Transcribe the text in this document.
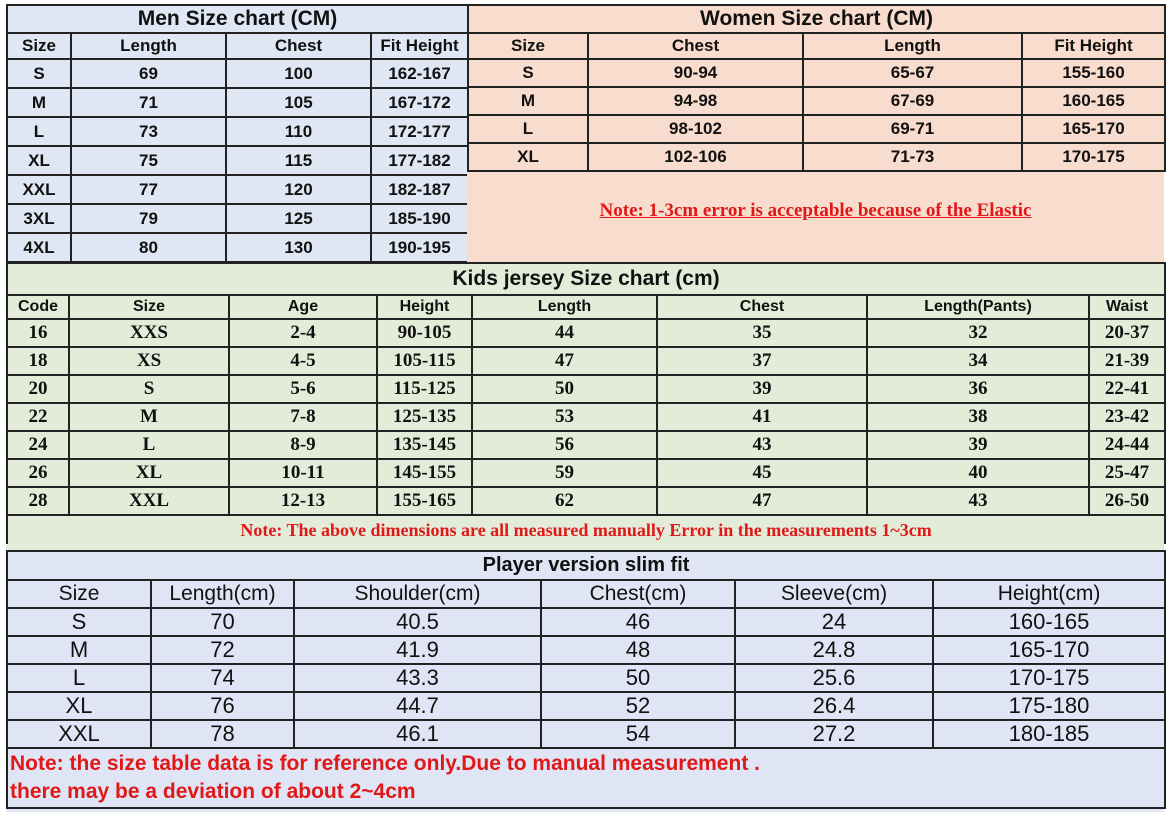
Men Size chart (CM)			
Size	Length	Chest	Fit Height
S	69	100	162-167
M	71	105	167-172
L	73	110	172-177
XL	75	115	177-182
XXL	77	120	182-187
3XL	79	125	185-190
4XL	80	130	190-195
Women Size chart (CM)			
Size	Chest	Length	Fit Height
S	90-94	65-67	155-160
M	94-98	67-69	160-165
L	98-102	69-71	165-170
XL	102-106	71-73	170-175
Note: 1-3cm error is acceptable because of the Elastic
Kids jersey Size chart (cm)							
Code	Size	Age	Height	Length	Chest	Length(Pants)	Waist
16	XXS	2-4	90-105	44	35	32	20-37
18	XS	4-5	105-115	47	37	34	21-39
20	S	5-6	115-125	50	39	36	22-41
22	M	7-8	125-135	53	41	38	23-42
24	L	8-9	135-145	56	43	39	24-44
26	XL	10-11	145-155	59	45	40	25-47
28	XXL	12-13	155-165	62	47	43	26-50
Note: The above dimensions are all measured manually Error in the measurements 1~3cm							
Player version slim fit					
Size	Length(cm)	Shoulder(cm)	Chest(cm)	Sleeve(cm)	Height(cm)
S	70	40.5	46	24	160-165
M	72	41.9	48	24.8	165-170
L	74	43.3	50	25.6	170-175
XL	76	44.7	52	26.4	175-180
XXL	78	46.1	54	27.2	180-185

Note: the size table data is for reference only.Due to manual measurement .
there may be a deviation of about 2~4cm					
